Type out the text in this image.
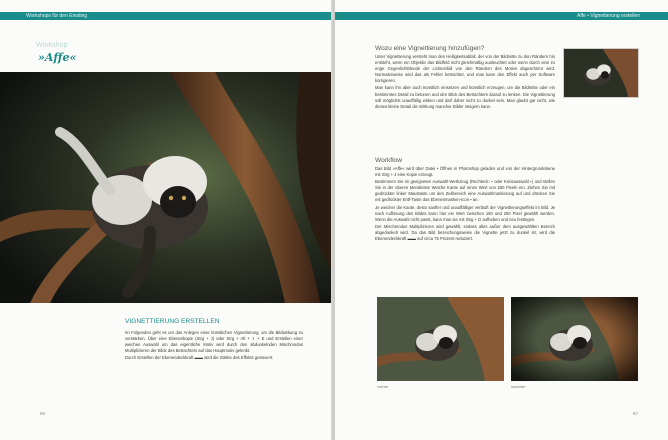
Workshops für den Einstieg
Workshop
»Affe«
VIGNETTIERUNG ERSTELLEN

Im Folgenden geht es um das Anlegen einer künstlichen Vignettierung, um die Bildwirkung zu verstärken. Über eine Ebenenkopie (Strg + J) oder Strg + Alt + ⇧ + E und Erstellen einer weichen Auswahl um das eigentliche Motiv wird durch den abdunkelnden Mischmodus Multiplizieren der Blick des Betrachters auf das Hauptmotiv gelenkt.

Durch Erstellen der Ebenendeckkraft ▬▬ wird die Stärke des Effekts gesteuert.

66
Affe • Vignettierung erstellen
Wozu eine Vignettierung hinzufügen?

Unter Vignettierung versteht man den Helligkeitsabfall, der von der Bildmitte zu den Rändern hin entsteht, wenn ein Objektiv das Bildfeld nicht gleichmäßig ausleuchtet oder wenn durch eine zu enge Gegenlichtblende der Lichteinfall von den Rändern des Motivs abgeschirmt wird. Normalerweise wird das als Fehler betrachtet, und man kann den Effekt auch per Software korrigieren.

Man kann ihn aber auch künstlich einsetzen und künstlich erzeugen, um die Bildmitte oder ein bestimmtes Detail zu betonen und den Blick des Betrachters darauf zu lenken. Die Vignettierung soll möglichst unauffällig wirken und darf daher nicht zu dunkel sein. Man glaubt gar nicht, wie dieses kleine Detail die Wirkung mancher Bilder steigern kann.

Workflow

Das Bild »Affe« wird über Datei • Öffnen in Photoshop geladen und von der Hintergrundebene mit Strg + J eine Kopie erzeugt.

Bestimmen Sie im geeigneten Auswahl-Werkzeug (Rechteck- ▪ oder Kreisauswahl ▪) und stellen Sie in der oberen Menüleiste Weiche Kante auf einen Wert von 250 Pixeln ein. Ziehen Sie mit gedrückter linker Maustaste um den Zeilbereich eine Auswahlmarkierung auf und drücken Sie mit gedrückter Entf-Taste das Ebenenmasken-Icon ▪ an.

Je weicher die Kante, desto sanfter und unauffälliger verläuft der Vignettierungseffekt im Bild. Je nach Auflösung des Bildes kann hier ein Wert zwischen 150 und 250 Pixel gewählt werden. Wenn die Auswahl nicht passt, kann man sie mit Strg + D aufheben und neu festlegen.

Der Mischmodus Multiplizieren wird gewählt, sodass alles außer dem ausgewählten Bereich abgedunkelt wird. Da das Bild bezeichungsweise die Vignette jetzt zu dunkel ist, wird die Ebenendeckkraft ▬▬ auf circa 75 Prozent reduziert.

vorher	nachher
67
